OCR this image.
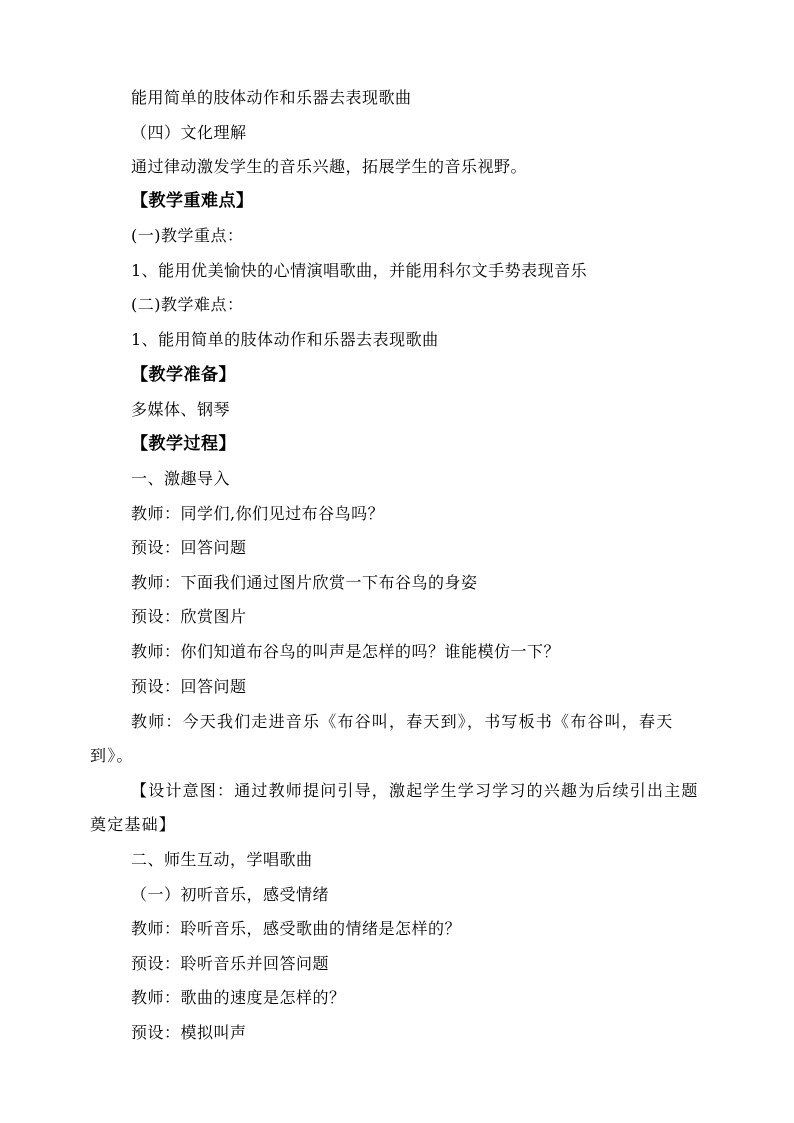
能用简单的肢体动作和乐器去表现歌曲
（四）文化理解
通过律动激发学生的音乐兴趣，拓展学生的音乐视野。
【教学重难点】
(一)教学重点：
1、能用优美愉快的心情演唱歌曲，并能用科尔文手势表现音乐
(二)教学难点：
1、能用简单的肢体动作和乐器去表现歌曲
【教学准备】
多媒体、钢琴
【教学过程】
一、激趣导入
教师：同学们,你们见过布谷鸟吗？
预设：回答问题
教师：下面我们通过图片欣赏一下布谷鸟的身姿
预设：欣赏图片
教师：你们知道布谷鸟的叫声是怎样的吗？谁能模仿一下？
预设：回答问题
教师：今天我们走进音乐《布谷叫，春天到》，书写板书《布谷叫，春天到》。
【设计意图：通过教师提问引导，激起学生学习学习的兴趣为后续引出主题奠定基础】
二、师生互动，学唱歌曲
（一）初听音乐，感受情绪
教师：聆听音乐，感受歌曲的情绪是怎样的？
预设：聆听音乐并回答问题
教师：歌曲的速度是怎样的？
预设：模拟叫声
